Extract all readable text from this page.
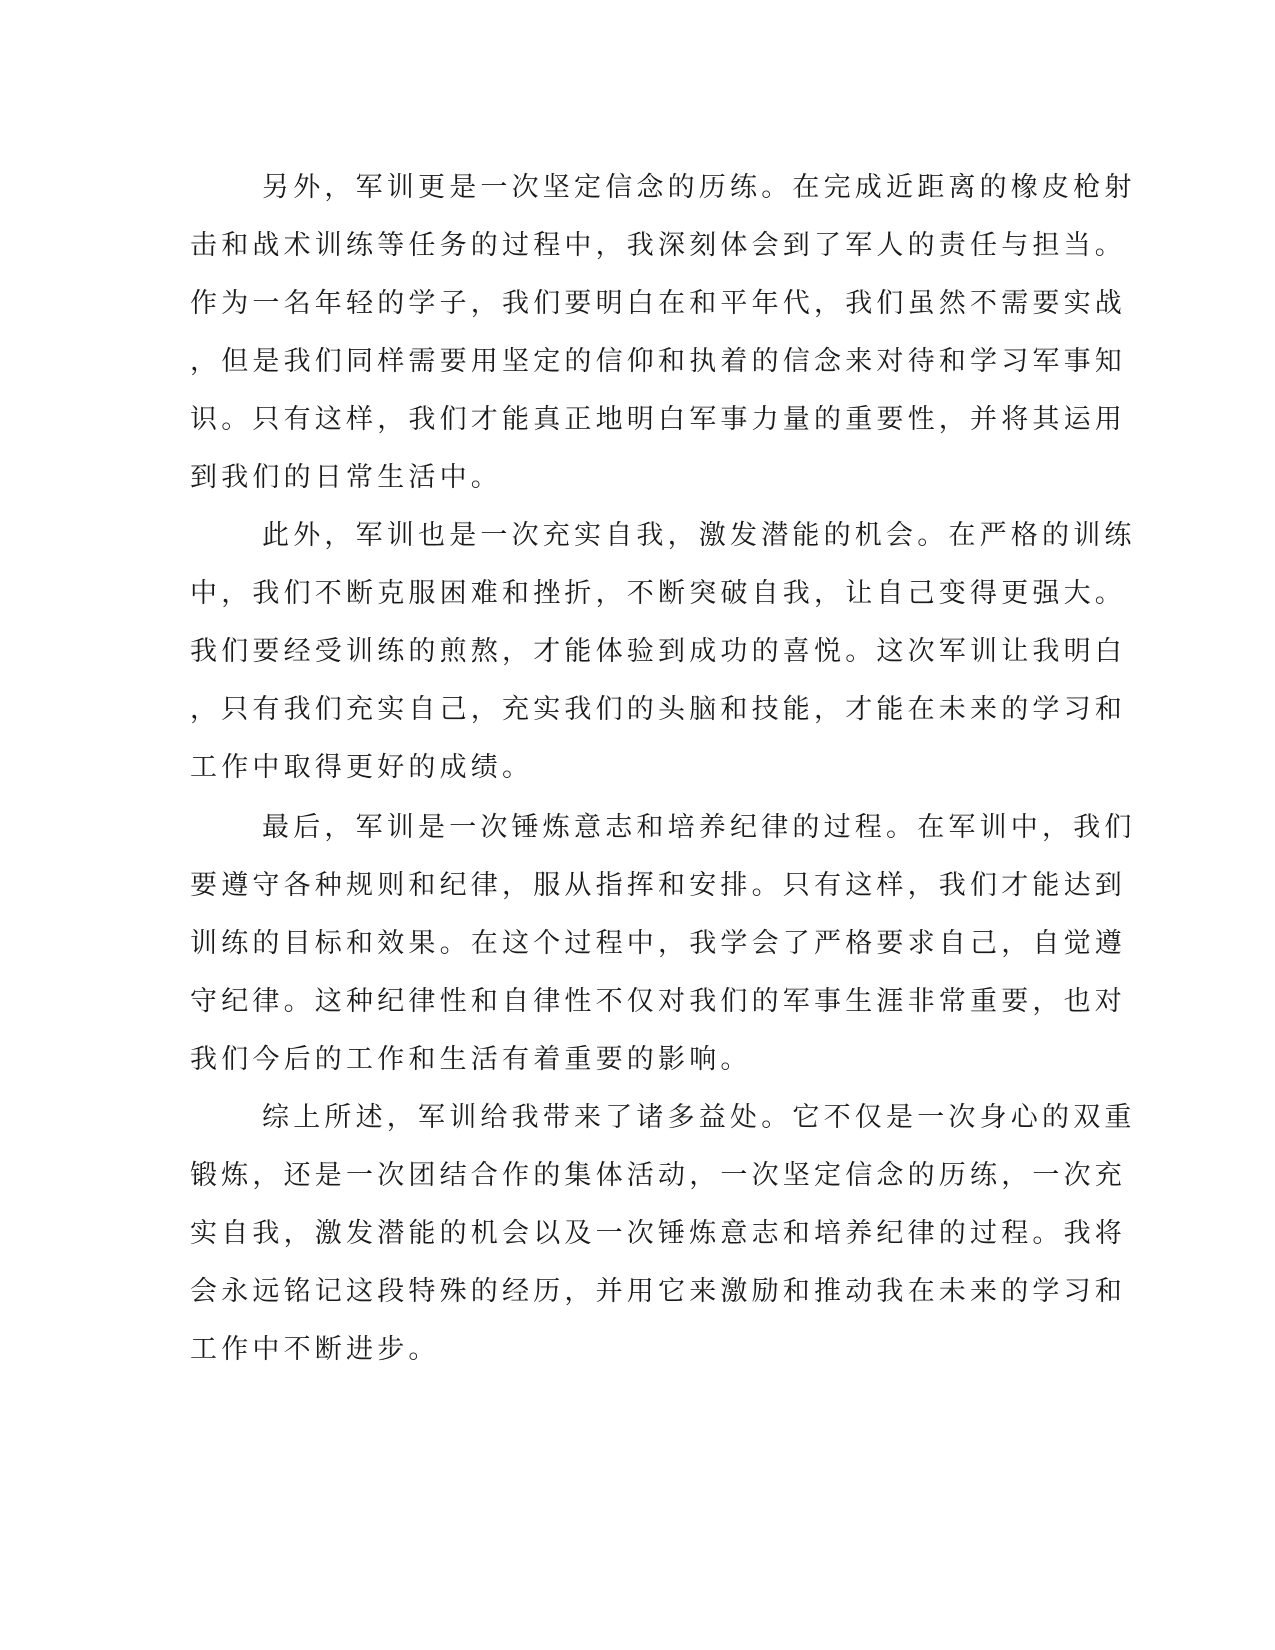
另外，军训更是一次坚定信念的历练。在完成近距离的橡皮枪射
击和战术训练等任务的过程中，我深刻体会到了军人的责任与担当。
作为一名年轻的学子，我们要明白在和平年代，我们虽然不需要实战
，但是我们同样需要用坚定的信仰和执着的信念来对待和学习军事知
识。只有这样，我们才能真正地明白军事力量的重要性，并将其运用
到我们的日常生活中。
此外，军训也是一次充实自我，激发潜能的机会。在严格的训练
中，我们不断克服困难和挫折，不断突破自我，让自己变得更强大。
我们要经受训练的煎熬，才能体验到成功的喜悦。这次军训让我明白
，只有我们充实自己，充实我们的头脑和技能，才能在未来的学习和
工作中取得更好的成绩。
最后，军训是一次锤炼意志和培养纪律的过程。在军训中，我们
要遵守各种规则和纪律，服从指挥和安排。只有这样，我们才能达到
训练的目标和效果。在这个过程中，我学会了严格要求自己，自觉遵
守纪律。这种纪律性和自律性不仅对我们的军事生涯非常重要，也对
我们今后的工作和生活有着重要的影响。
综上所述，军训给我带来了诸多益处。它不仅是一次身心的双重
锻炼，还是一次团结合作的集体活动，一次坚定信念的历练，一次充
实自我，激发潜能的机会以及一次锤炼意志和培养纪律的过程。我将
会永远铭记这段特殊的经历，并用它来激励和推动我在未来的学习和
工作中不断进步。
